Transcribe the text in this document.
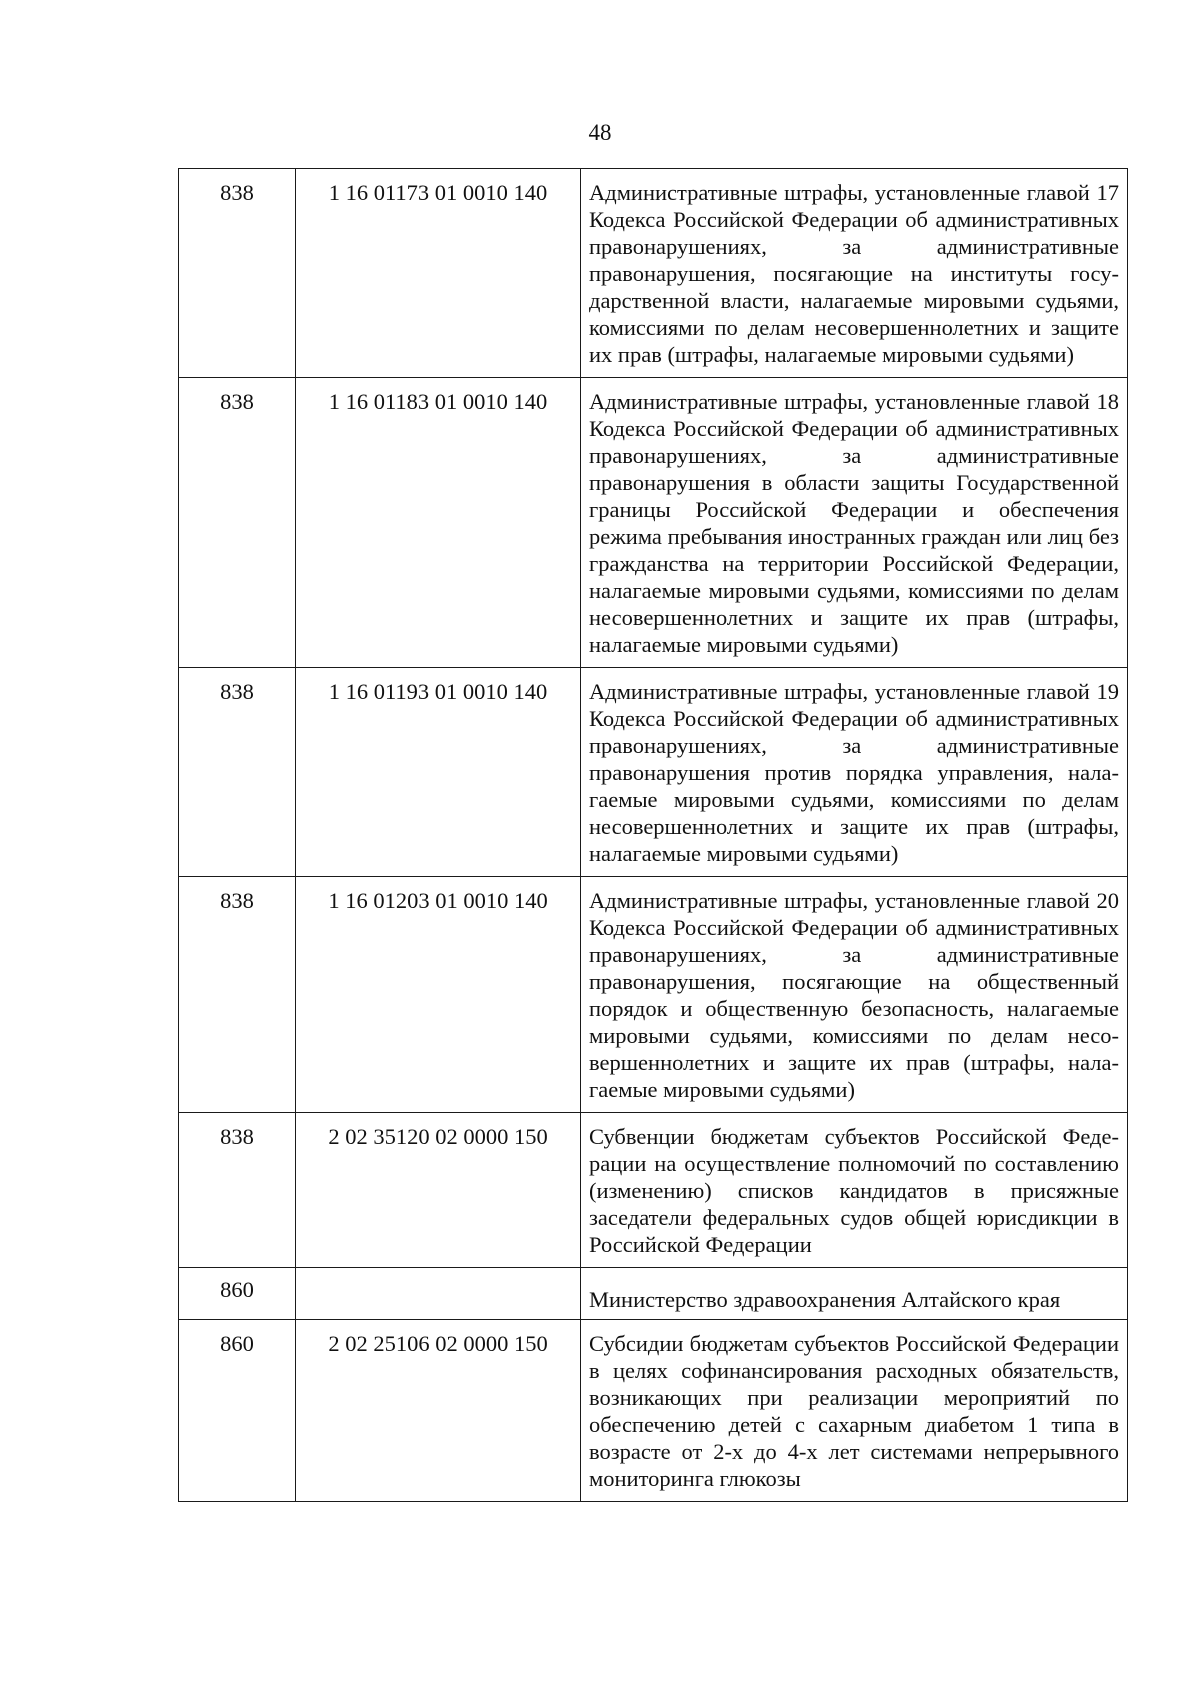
48
838	1 16 01173 01 0010 140	Административные штрафы, установленные главой 17 Кодекса Российской Федерации об административных правонарушениях, за административные правонарушения, посягающие на институты государственной власти, налагаемые мировыми судьями, комиссиями по делам несовершеннолетних и защите их прав (штрафы, налагаемые мировыми судьями)
838	1 16 01183 01 0010 140	Административные штрафы, установленные главой 18 Кодекса Российской Федерации об административных правонарушениях, за административные правонарушения в области защиты Государственной границы Российской Федерации и обеспечения режима пребывания иностранных граждан или лиц без гражданства на территории Российской Федерации, налагаемые мировыми судьями, комиссиями по делам несовершеннолетних и защите их прав (штрафы, налагаемые мировыми судьями)
838	1 16 01193 01 0010 140	Административные штрафы, установленные главой 19 Кодекса Российской Федерации об административных правонарушениях, за административные правонарушения против порядка управления, налагаемые мировыми судьями, комиссиями по делам несовершеннолетних и защите их прав (штрафы, налагаемые мировыми судьями)
838	1 16 01203 01 0010 140	Административные штрафы, установленные главой 20 Кодекса Российской Федерации об административных правонарушениях, за административные правонарушения, посягающие на общественный порядок и общественную безопасность, налагаемые мировыми судьями, комиссиями по делам несовершеннолетних и защите их прав (штрафы, налагаемые мировыми судьями)
838	2 02 35120 02 0000 150	Субвенции бюджетам субъектов Российской Федерации на осуществление полномочий по составлению (изменению) списков кандидатов в присяжные заседатели федеральных судов общей юрисдикции в Российской Федерации
860		Министерство здравоохранения Алтайского края
860	2 02 25106 02 0000 150	Субсидии бюджетам субъектов Российской Федерации в целях софинансирования расходных обязательств, возникающих при реализации мероприятий по обеспечению детей с сахарным диабетом 1 типа в возрасте от 2-х до 4-х лет системами непрерывного мониторинга глюкозы
